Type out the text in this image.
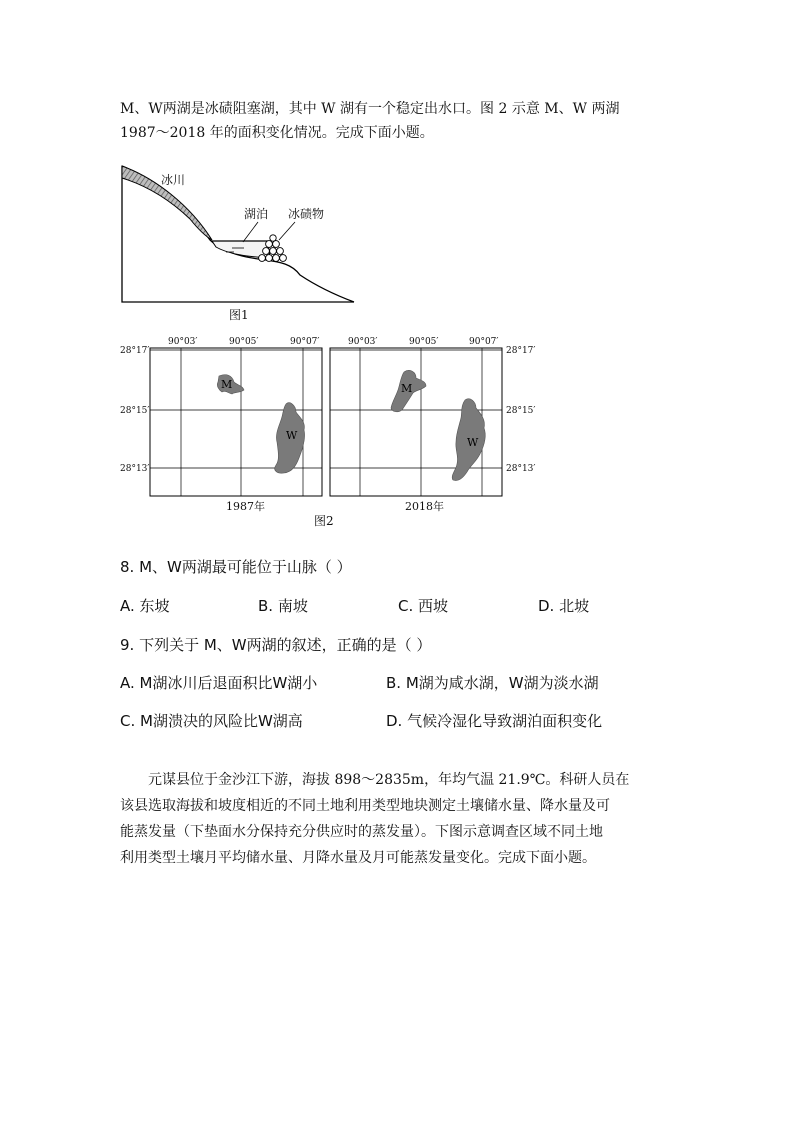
M、W两湖是冰碛阻塞湖，其中 W 湖有一个稳定出水口。图 2 示意 M、W 两湖

1987～2018 年的面积变化情况。完成下面小题。

冰川
湖泊 冰碛物
图1
M
W
90°03′	90°05′	90°07′
28°17′
28°15′
28°13′
1987年
M
W
90°03′	90°05′	90°07′
28°17′
28°15′
28°13′
2018年
图2

8. M、W两湖最可能位于山脉（ ）

A. 东坡	B. 南坡	C. 西坡	D. 北坡

9. 下列关于 M、W两湖的叙述，正确的是（ ）

A. M湖冰川后退面积比W湖小	B. M湖为咸水湖，W湖为淡水湖
C. M湖溃决的风险比W湖高	D. 气候冷湿化导致湖泊面积变化

元谋县位于金沙江下游，海拔 898～2835m，年均气温 21.9℃。科研人员在

该县选取海拔和坡度相近的不同土地利用类型地块测定土壤储水量、降水量及可

能蒸发量（下垫面水分保持充分供应时的蒸发量）。下图示意调查区域不同土地

利用类型土壤月平均储水量、月降水量及月可能蒸发量变化。完成下面小题。
